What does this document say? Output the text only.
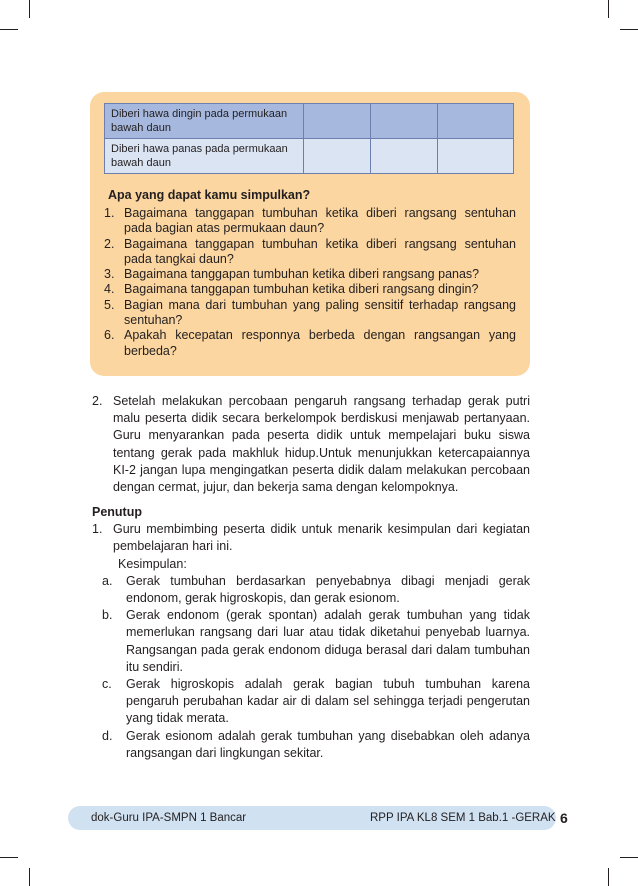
Diberi hawa dingin pada permukaan bawah daun			
Diberi hawa panas pada permukaan bawah daun			
Apa yang dapat kamu simpulkan?
1. Bagaimana tanggapan tumbuhan ketika diberi rangsang sentuhan pada bagian atas permukaan daun?
2. Bagaimana tanggapan tumbuhan ketika diberi rangsang sentuhan pada tangkai daun?
3. Bagaimana tanggapan tumbuhan ketika diberi rangsang panas?
4. Bagaimana tanggapan tumbuhan ketika diberi rangsang dingin?
5. Bagian mana dari tumbuhan yang paling sensitif terhadap rangsang sentuhan?
6. Apakah kecepatan responnya berbeda dengan rangsangan yang berbeda?
2. Setelah melakukan percobaan pengaruh rangsang terhadap gerak putri malu peserta didik secara berkelompok berdiskusi menjawab pertanyaan. Guru menyarankan pada peserta didik untuk mempelajari buku siswa tentang gerak pada makhluk hidup.Untuk menunjukkan ketercapaiannya KI-2 jangan lupa mengingatkan peserta didik dalam melakukan percobaan dengan cermat, jujur, dan bekerja sama dengan kelompoknya.
Penutup
1. Guru membimbing peserta didik untuk menarik kesimpulan dari kegiatan pembelajaran hari ini.
Kesimpulan:
a. Gerak tumbuhan berdasarkan penyebabnya dibagi menjadi gerak endonom, gerak higroskopis, dan gerak esionom.
b. Gerak endonom (gerak spontan) adalah gerak tumbuhan yang tidak memerlukan rangsang dari luar atau tidak diketahui penyebab luarnya. Rangsangan pada gerak endonom diduga berasal dari dalam tumbuhan itu sendiri.
c. Gerak higroskopis adalah gerak bagian tubuh tumbuhan karena pengaruh perubahan kadar air di dalam sel sehingga terjadi pengerutan yang tidak merata.
d. Gerak esionom adalah gerak tumbuhan yang disebabkan oleh adanya rangsangan dari lingkungan sekitar.
dok-Guru IPA-SMPN 1 Bancar	RPP IPA KL8 SEM 1 Bab.1 -GERAK 6
